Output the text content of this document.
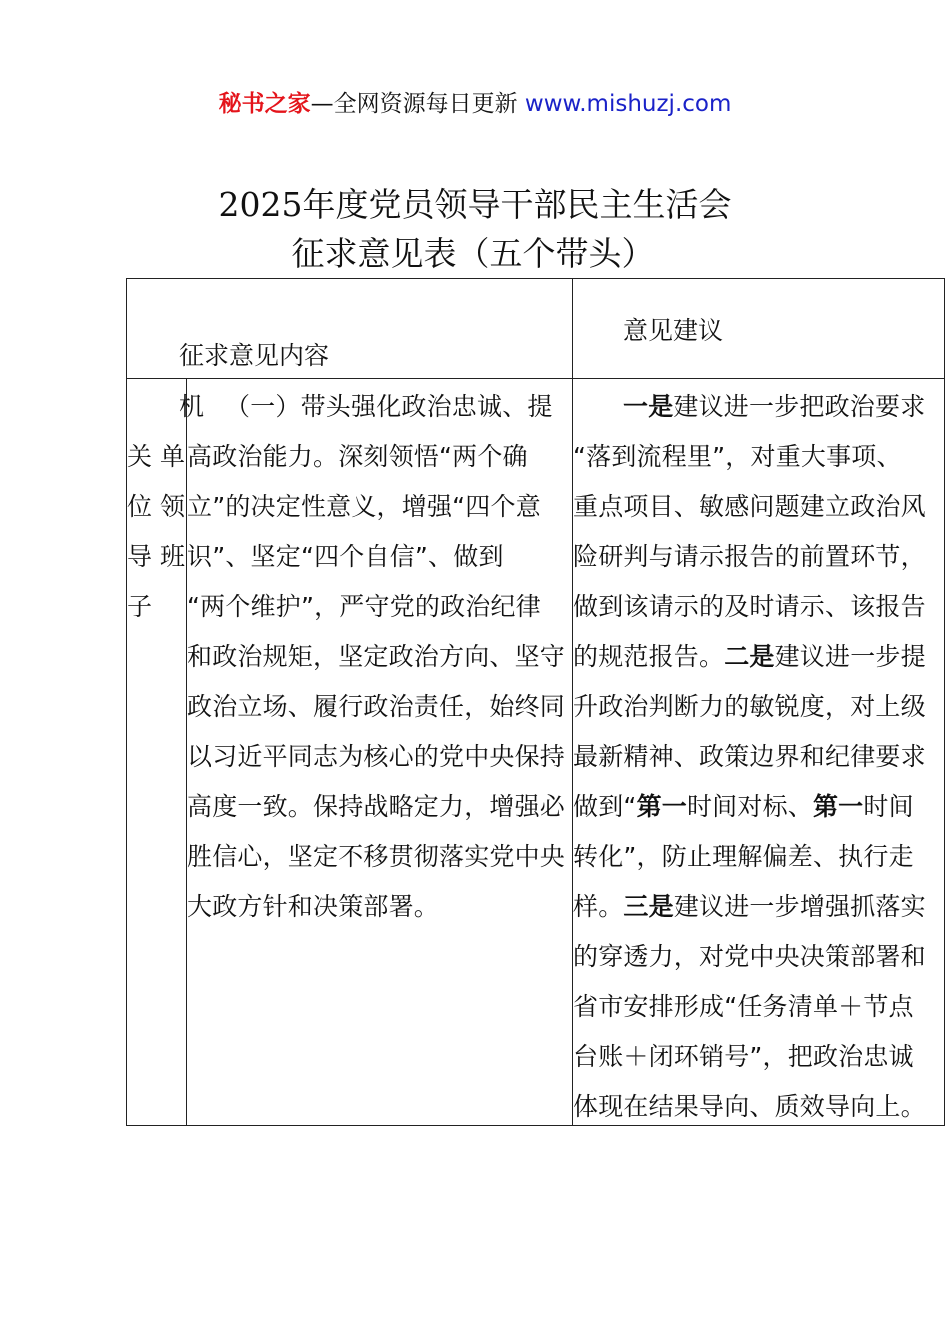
秘书之家—全网资源每日更新 www.mishuzj.com
2025年度党员领导干部民主生活会
征求意见表（五个带头）
征求意见内容
意见建议
机
关 单
位 领
导 班
子
（一）带头强化政治忠诚、提
高政治能力。深刻领悟“两个确
立”的决定性意义，增强“四个意
识”、坚定“四个自信”、做到
“两个维护”，严守党的政治纪律
和政治规矩，坚定政治方向、坚守
政治立场、履行政治责任，始终同
以习近平同志为核心的党中央保持
高度一致。保持战略定力，增强必
胜信心，坚定不移贯彻落实党中央
大政方针和决策部署。
一是建议进一步把政治要求
“落到流程里”，对重大事项、
重点项目、敏感问题建立政治风
险研判与请示报告的前置环节，
做到该请示的及时请示、该报告
的规范报告。二是建议进一步提
升政治判断力的敏锐度，对上级
最新精神、政策边界和纪律要求
做到“第一时间对标、第一时间
转化”，防止理解偏差、执行走
样。三是建议进一步增强抓落实
的穿透力，对党中央决策部署和
省市安排形成“任务清单＋节点
台账＋闭环销号”，把政治忠诚
体现在结果导向、质效导向上。
